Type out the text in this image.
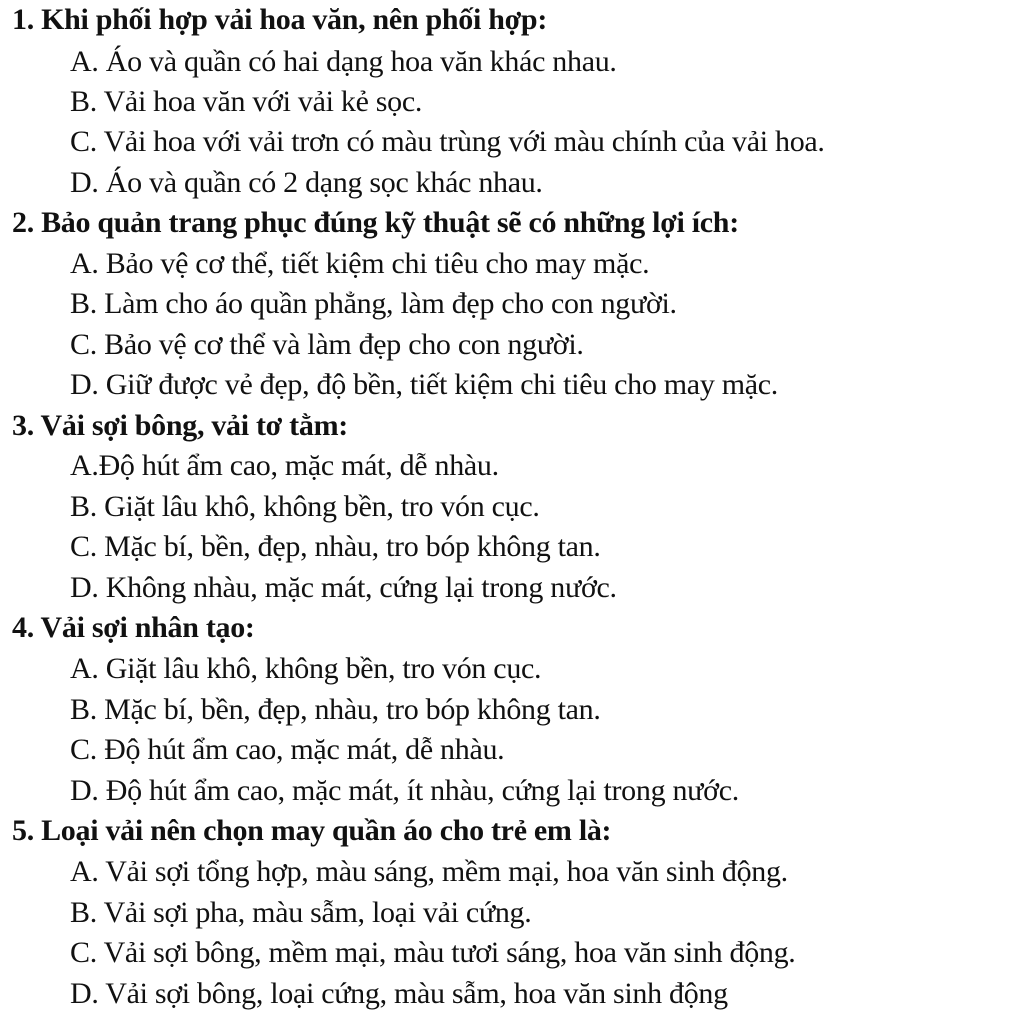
1. Khi phối hợp vải hoa văn, nên phối hợp:
A. Áo và quần có hai dạng hoa văn khác nhau.
B. Vải hoa văn với vải kẻ sọc.
C. Vải hoa với vải trơn có màu trùng với màu chính của vải hoa.
D. Áo và quần có 2 dạng sọc khác nhau.
2. Bảo quản trang phục đúng kỹ thuật sẽ có những lợi ích:
A. Bảo vệ cơ thể, tiết kiệm chi tiêu cho may mặc.
B. Làm cho áo quần phẳng, làm đẹp cho con người.
C. Bảo vệ cơ thể và làm đẹp cho con người.
D. Giữ được vẻ đẹp, độ bền, tiết kiệm chi tiêu cho may mặc.
3. Vải sợi bông, vải tơ tằm:
A.Độ hút ẩm cao, mặc mát, dễ nhàu.
B. Giặt lâu khô, không bền, tro vón cục.
C. Mặc bí, bền, đẹp, nhàu, tro bóp không tan.
D. Không nhàu, mặc mát, cứng lại trong nước.
4. Vải sợi nhân tạo:
A. Giặt lâu khô, không bền, tro vón cục.
B. Mặc bí, bền, đẹp, nhàu, tro bóp không tan.
C. Độ hút ẩm cao, mặc mát, dễ nhàu.
D. Độ hút ẩm cao, mặc mát, ít nhàu, cứng lại trong nước.
5. Loại vải nên chọn may quần áo cho trẻ em là:
A. Vải sợi tổng hợp, màu sáng, mềm mại, hoa văn sinh động.
B. Vải sợi pha, màu sẫm, loại vải cứng.
C. Vải sợi bông, mềm mại, màu tươi sáng, hoa văn sinh động.
D. Vải sợi bông, loại cứng, màu sẫm, hoa văn sinh động
